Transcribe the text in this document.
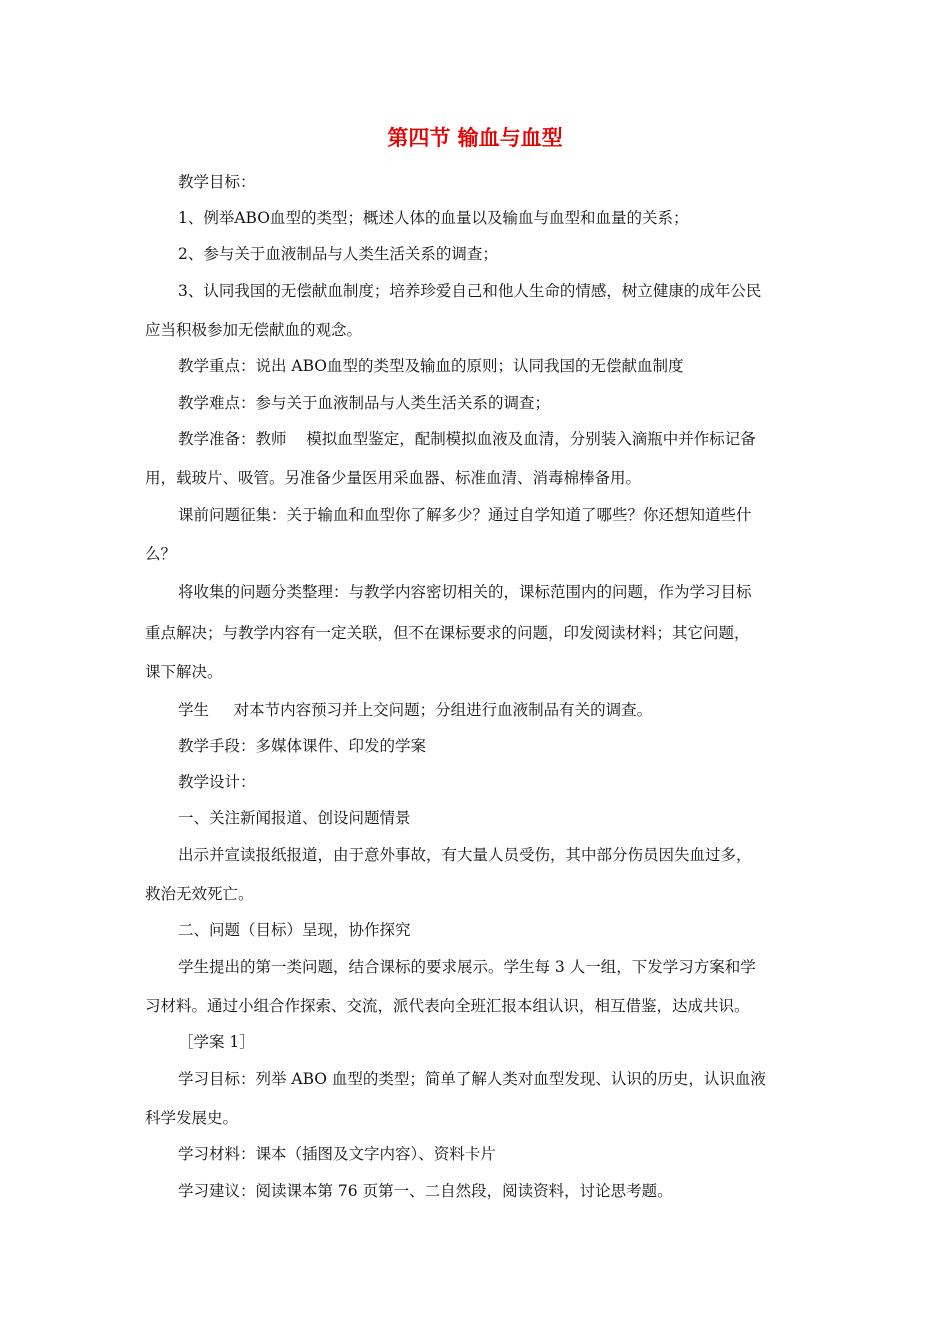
第四节 输血与血型
教学目标：
1、例举ABO血型的类型；概述人体的血量以及输血与血型和血量的关系；
2、参与关于血液制品与人类生活关系的调查；
3、认同我国的无偿献血制度；培养珍爱自己和他人生命的情感，树立健康的成年公民
应当积极参加无偿献血的观念。
教学重点：说出 ABO血型的类型及输血的原则；认同我国的无偿献血制度
教学难点：参与关于血液制品与人类生活关系的调查；
教学准备：教师    模拟血型鉴定，配制模拟血液及血清，分别装入滴瓶中并作标记备
用，载玻片、吸管。另准备少量医用采血器、标准血清、消毒棉棒备用。
课前问题征集：关于输血和血型你了解多少？通过自学知道了哪些？你还想知道些什
么？
将收集的问题分类整理：与教学内容密切相关的，课标范围内的问题，作为学习目标
重点解决；与教学内容有一定关联，但不在课标要求的问题，印发阅读材料；其它问题，
课下解决。
学生     对本节内容预习并上交问题；分组进行血液制品有关的调查。
教学手段：多媒体课件、印发的学案
教学设计：
一、关注新闻报道、创设问题情景
出示并宣读报纸报道，由于意外事故，有大量人员受伤，其中部分伤员因失血过多，
救治无效死亡。
二、问题（目标）呈现，协作探究
学生提出的第一类问题，结合课标的要求展示。学生每 3 人一组，下发学习方案和学
习材料。通过小组合作探索、交流，派代表向全班汇报本组认识，相互借鉴，达成共识。
［学案 1］
学习目标：列举 ABO 血型的类型；简单了解人类对血型发现、认识的历史，认识血液
科学发展史。
学习材料：课本（插图及文字内容）、资料卡片
学习建议：阅读课本第 76 页第一、二自然段，阅读资料，讨论思考题。
